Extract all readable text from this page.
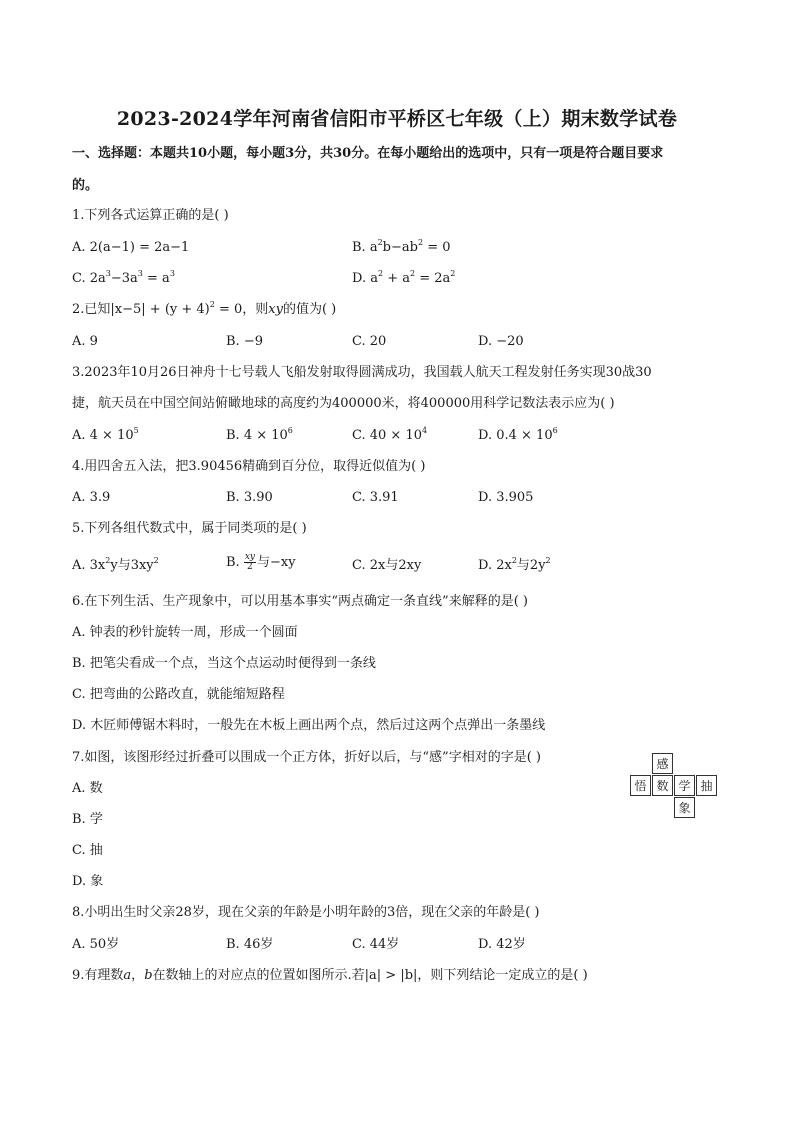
2023-2024学年河南省信阳市平桥区七年级（上）期末数学试卷
一、选择题：本题共10小题，每小题3分，共30分。在每小题给出的选项中，只有一项是符合题目要求
的。
1.下列各式运算正确的是( )
A. 2(a−1) = 2a−1	B. $a^2b-ab^2 = 0$
C. $2a^3-3a^3 = a^3$	D. $a^2 + a^2 = 2a^2$
2.已知$|x-5| + (y + 4)^2 = 0$，则xy的值为( )
A. 9	B. −9	C. 20	D. −20
3.2023年10月26日神舟十七号载人飞船发射取得圆满成功，我国载人航天工程发射任务实现30战30
捷，航天员在中国空间站俯瞰地球的高度约为400000米，将400000用科学记数法表示应为( )
A. $4 \times 10^5$	B. $4 \times 10^6$	C. $40 \times 10^4$	D. $0.4 \times 10^6$
4.用四舍五入法，把3.90456精确到百分位，取得近似值为( )
A. 3.9	B. 3.90	C. 3.91	D. 3.905
5.下列各组代数式中，属于同类项的是( )
A. $3x^2y$与$3xy^2$	B. $\frac{xy}{2}$ 与−xy	C. 2x与2xy	D. $2x^2$与$2y^2$
6.在下列生活、生产现象中，可以用基本事实“两点确定一条直线”来解释的是( )
A. 钟表的秒针旋转一周，形成一个圆面
B. 把笔尖看成一个点，当这个点运动时便得到一条线
C. 把弯曲的公路改直，就能缩短路程
D. 木匠师傅锯木料时，一般先在木板上画出两个点，然后过这两个点弹出一条墨线
7.如图，该图形经过折叠可以围成一个正方体，折好以后，与“感”字相对的字是( )
A. 数
B. 学
C. 抽
D. 象
感
悟 数 学 抽
象
8.小明出生时父亲28岁，现在父亲的年龄是小明年龄的3倍，现在父亲的年龄是( )
A. 50岁	B. 46岁	C. 44岁	D. 42岁
9.有理数a，b在数轴上的对应点的位置如图所示.若|a| > |b|，则下列结论一定成立的是( )
